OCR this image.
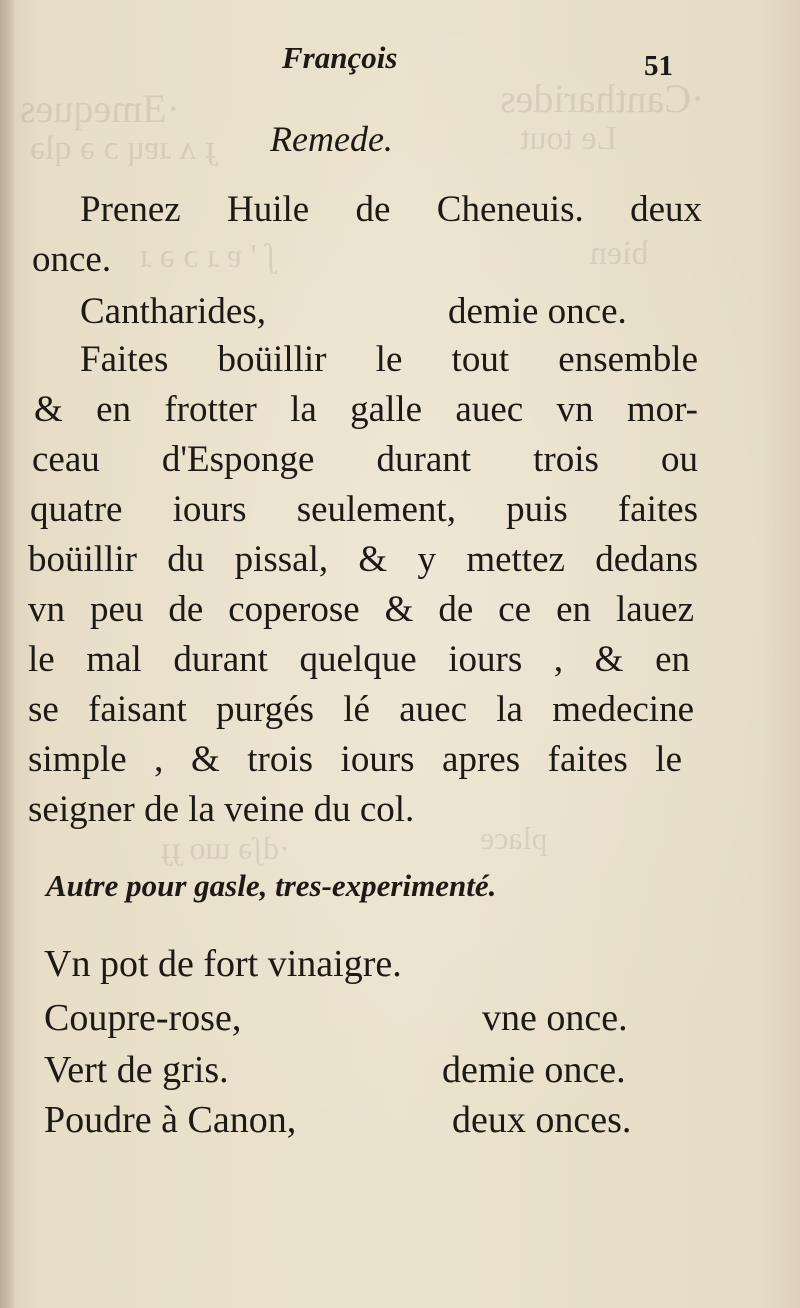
·Ǝmeques	·Cantharides
ɟ ʌ ɹɐɥ ɔ ǝ qlǝ	Le tout
ʃ ' ɐ ɹ ɔ ǝ ɹ	bien
·dʃǝ ɯo ɟɟ	place
François	51
Remede.
Prenez Huile de Cheneuis. deux
once.
Cantharides,	demie once.
Faites boüillir le tout ensemble
& en frotter la galle auec vn mor-
ceau d'Esponge durant trois ou
quatre iours seulement, puis faites
boüillir du pissal, & y mettez dedans
vn peu de coperose & de ce en lauez
le mal durant quelque iours , & en
se faisant purgés lé auec la medecine
simple , & trois iours apres faites le
seigner de la veine du col.
Autre pour gasle, tres-experimenté.
Vn pot de fort vinaigre.
Coupre-rose,	vne once.
Vert de gris.	demie once.
Poudre à Canon,	deux onces.
